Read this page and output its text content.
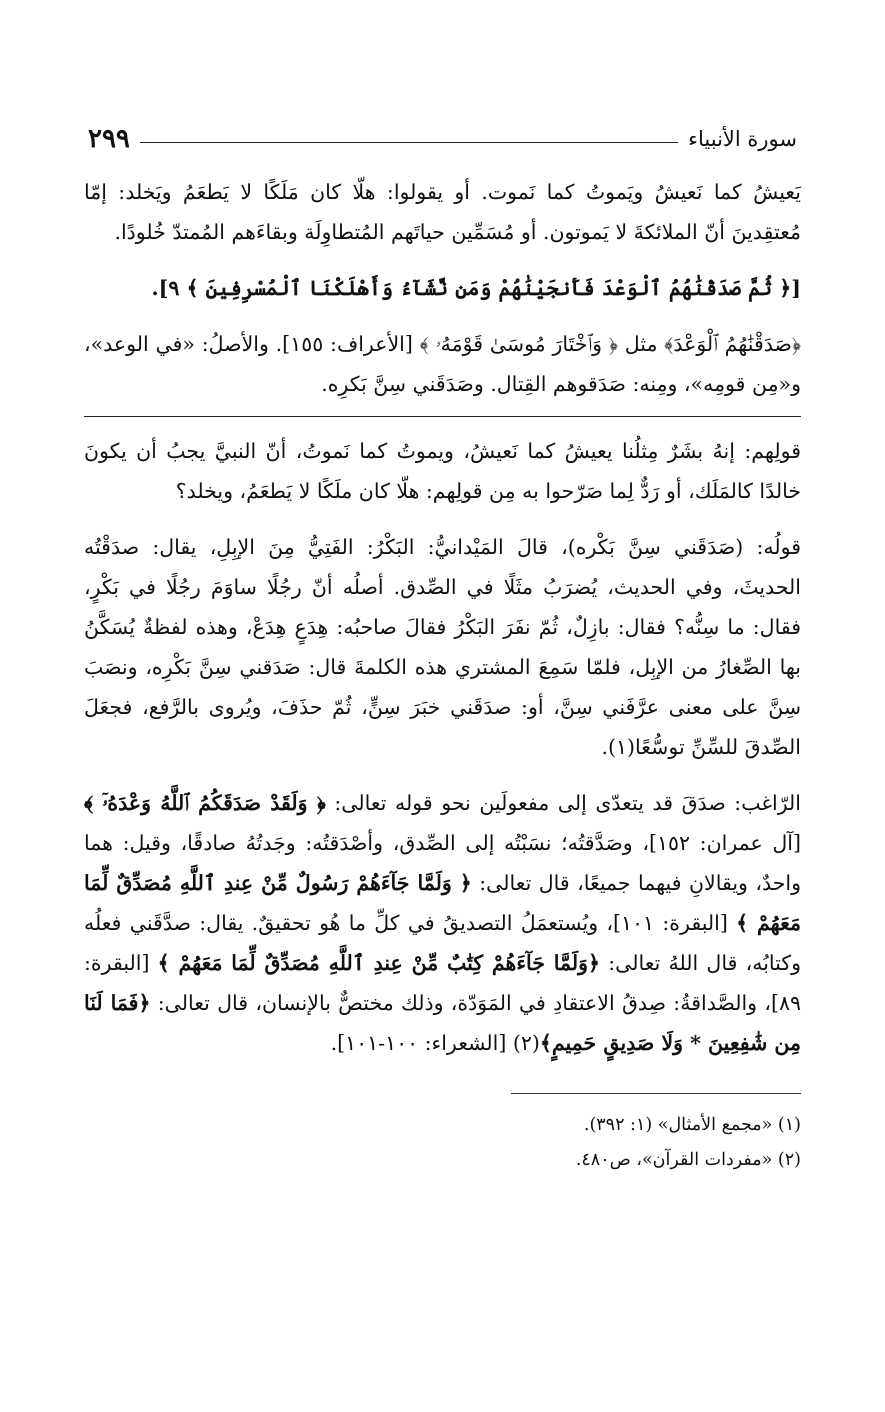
سورة الأنبياء
٢٩٩

يَعيشُ كما نَعيشُ ويَموتُ كما نَموت. أو يقولوا: هلّا كان مَلَكًا لا يَطعَمُ ويَخلد: إمّا مُعتقِدينَ أنّ الملائكةَ لا يَموتون. أو مُسَمِّين حياتَهم المُتطاوِلَة وبقاءَهم المُمتدّ خُلودًا.

[﴿ ثُمَّ صَدَقْنَٰهُمُ ٱلْوَعْدَ فَأَنجَيْنَٰهُمْ وَمَن نَّشَآءُ وَأَهْلَكْنَا ٱلْمُسْرِفِينَ ﴾ ٩].

﴿صَدَقْنَٰهُمُ ٱلْوَعْدَ﴾ مثل ﴿ وَٱخْتَارَ مُوسَىٰ قَوْمَهُۥ ﴾ [الأعراف: ١٥٥]. والأصلُ: «في الوعد»، و«مِن قومِه»، ومِنه: صَدَقوهم القِتال. وصَدَقَني سِنَّ بَكرِه.

قولِهم: إنهُ بشَرٌ مِثلُنا يعيشُ كما نَعيشُ، ويموتُ كما نَموتُ، أنّ النبيَّ يجبُ أن يكونَ خالدًا كالمَلَك، أو رَدٌّ لِما صَرّحوا به مِن قولِهم: هلّا كان ملَكًا لا يَطعَمُ، ويخلد؟

قولُه: (صَدَقَني سِنَّ بَكْره)، قالَ المَيْدانيُّ: البَكْرُ: الفَتِيُّ مِنَ الإبِلِ، يقال: صدَقْتُه الحديثَ، وفي الحديث، يُضرَبُ مثَلًا في الصِّدق. أصلُه أنّ رجُلًا ساوَمَ رجُلًا في بَكْرٍ، فقال: ما سِنُّه؟ فقال: بازِلٌ، ثُمّ نفَرَ البَكْرُ فقالَ صاحبُه: هِدَعٍ هِدَعْ، وهذه لفظةٌ يُسَكَّنُ بها الصِّغارُ من الإبِل، فلمّا سَمِعَ المشتري هذه الكلمةَ قال: صَدَقني سِنَّ بَكْرِه، ونصَبَ سِنَّ على معنى عرَّفَني سِنَّ، أو: صدَقَني خبَرَ سِنٍّ، ثُمّ حذَفَ، ويُروى بالرَّفع، فجعَلَ الصِّدقَ للسِّنِّ توسُّعًا(١).

الرّاغب: صدَقَ قد يتعدّى إلى مفعولَين نحو قوله تعالى: ﴿ وَلَقَدْ صَدَقَكُمُ ٱللَّهُ وَعْدَهُۥٓ ﴾ [آل عمران: ١٥٢]، وصَدَّقتُه؛ نسَبْتُه إلى الصِّدق، وأصْدَقتُه: وجَدتُهُ صادقًا، وقيل: هما واحدٌ، ويقالانِ فيهما جميعًا، قال تعالى: ﴿ وَلَمَّا جَآءَهُمْ رَسُولٌ مِّنْ عِندِ ٱللَّهِ مُصَدِّقٌ لِّمَا مَعَهُمْ ﴾ [البقرة: ١٠١]، ويُستعمَلُ التصديقُ في كلِّ ما هُو تحقيقٌ. يقال: صدَّقَني فعلُه وكتابُه، قال اللهُ تعالى: ﴿وَلَمَّا جَآءَهُمْ كِتَٰبٌ مِّنْ عِندِ ٱللَّهِ مُصَدِّقٌ لِّمَا مَعَهُمْ ﴾ [البقرة: ٨٩]، والصَّداقةُ: صِدقُ الاعتقادِ في المَوَدّة، وذلك مختصٌّ بالإنسان، قال تعالى: ﴿فَمَا لَنَا مِن شَٰفِعِينَ * وَلَا صَدِيقٍ حَمِيمٍ﴾(٢) [الشعراء: ١٠٠-١٠١].

(١) «مجمع الأمثال» (١: ٣٩٢).

(٢) «مفردات القرآن»، ص٤٨٠.
